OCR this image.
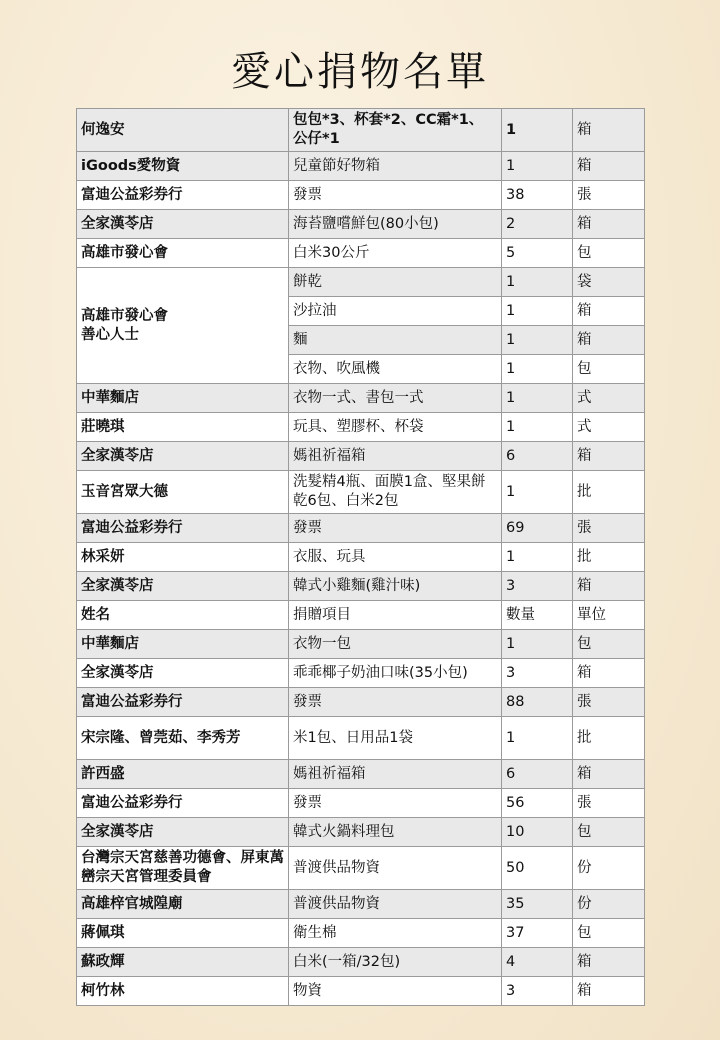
愛心捐物名單
何逸安	包包*3、杯套*2、CC霜*1、公仔*1	1	箱
iGoods愛物資	兒童節好物箱	1	箱
富迪公益彩券行	發票	38	張
全家漢苓店	海苔鹽嚐鮮包(80小包)	2	箱
高雄市發心會	白米30公斤	5	包
高雄市發心會
善心人士	餅乾	1	袋
	沙拉油	1	箱
	麵	1	箱
	衣物、吹風機	1	包
中華麵店	衣物一式、書包一式	1	式
莊曉琪	玩具、塑膠杯、杯袋	1	式
全家漢苓店	媽祖祈福箱	6	箱
玉音宮眾大德	洗髮精4瓶、面膜1盒、堅果餅乾6包、白米2包	1	批
富迪公益彩券行	發票	69	張
林采妍	衣服、玩具	1	批
全家漢苓店	韓式小雞麵(雞汁味)	3	箱
姓名	捐贈項目	數量	單位
中華麵店	衣物一包	1	包
全家漢苓店	乖乖椰子奶油口味(35小包)	3	箱
富迪公益彩券行	發票	88	張
宋宗隆、曾莞茹、李秀芳	米1包、日用品1袋	1	批
許西盛	媽祖祈福箱	6	箱
富迪公益彩券行	發票	56	張
全家漢苓店	韓式火鍋料理包	10	包
台灣宗天宮慈善功德會、屏東萬巒宗天宮管理委員會	普渡供品物資	50	份
高雄梓官城隍廟	普渡供品物資	35	份
蔣佩琪	衛生棉	37	包
蘇政輝	白米(一箱/32包)	4	箱
柯竹林	物資	3	箱
